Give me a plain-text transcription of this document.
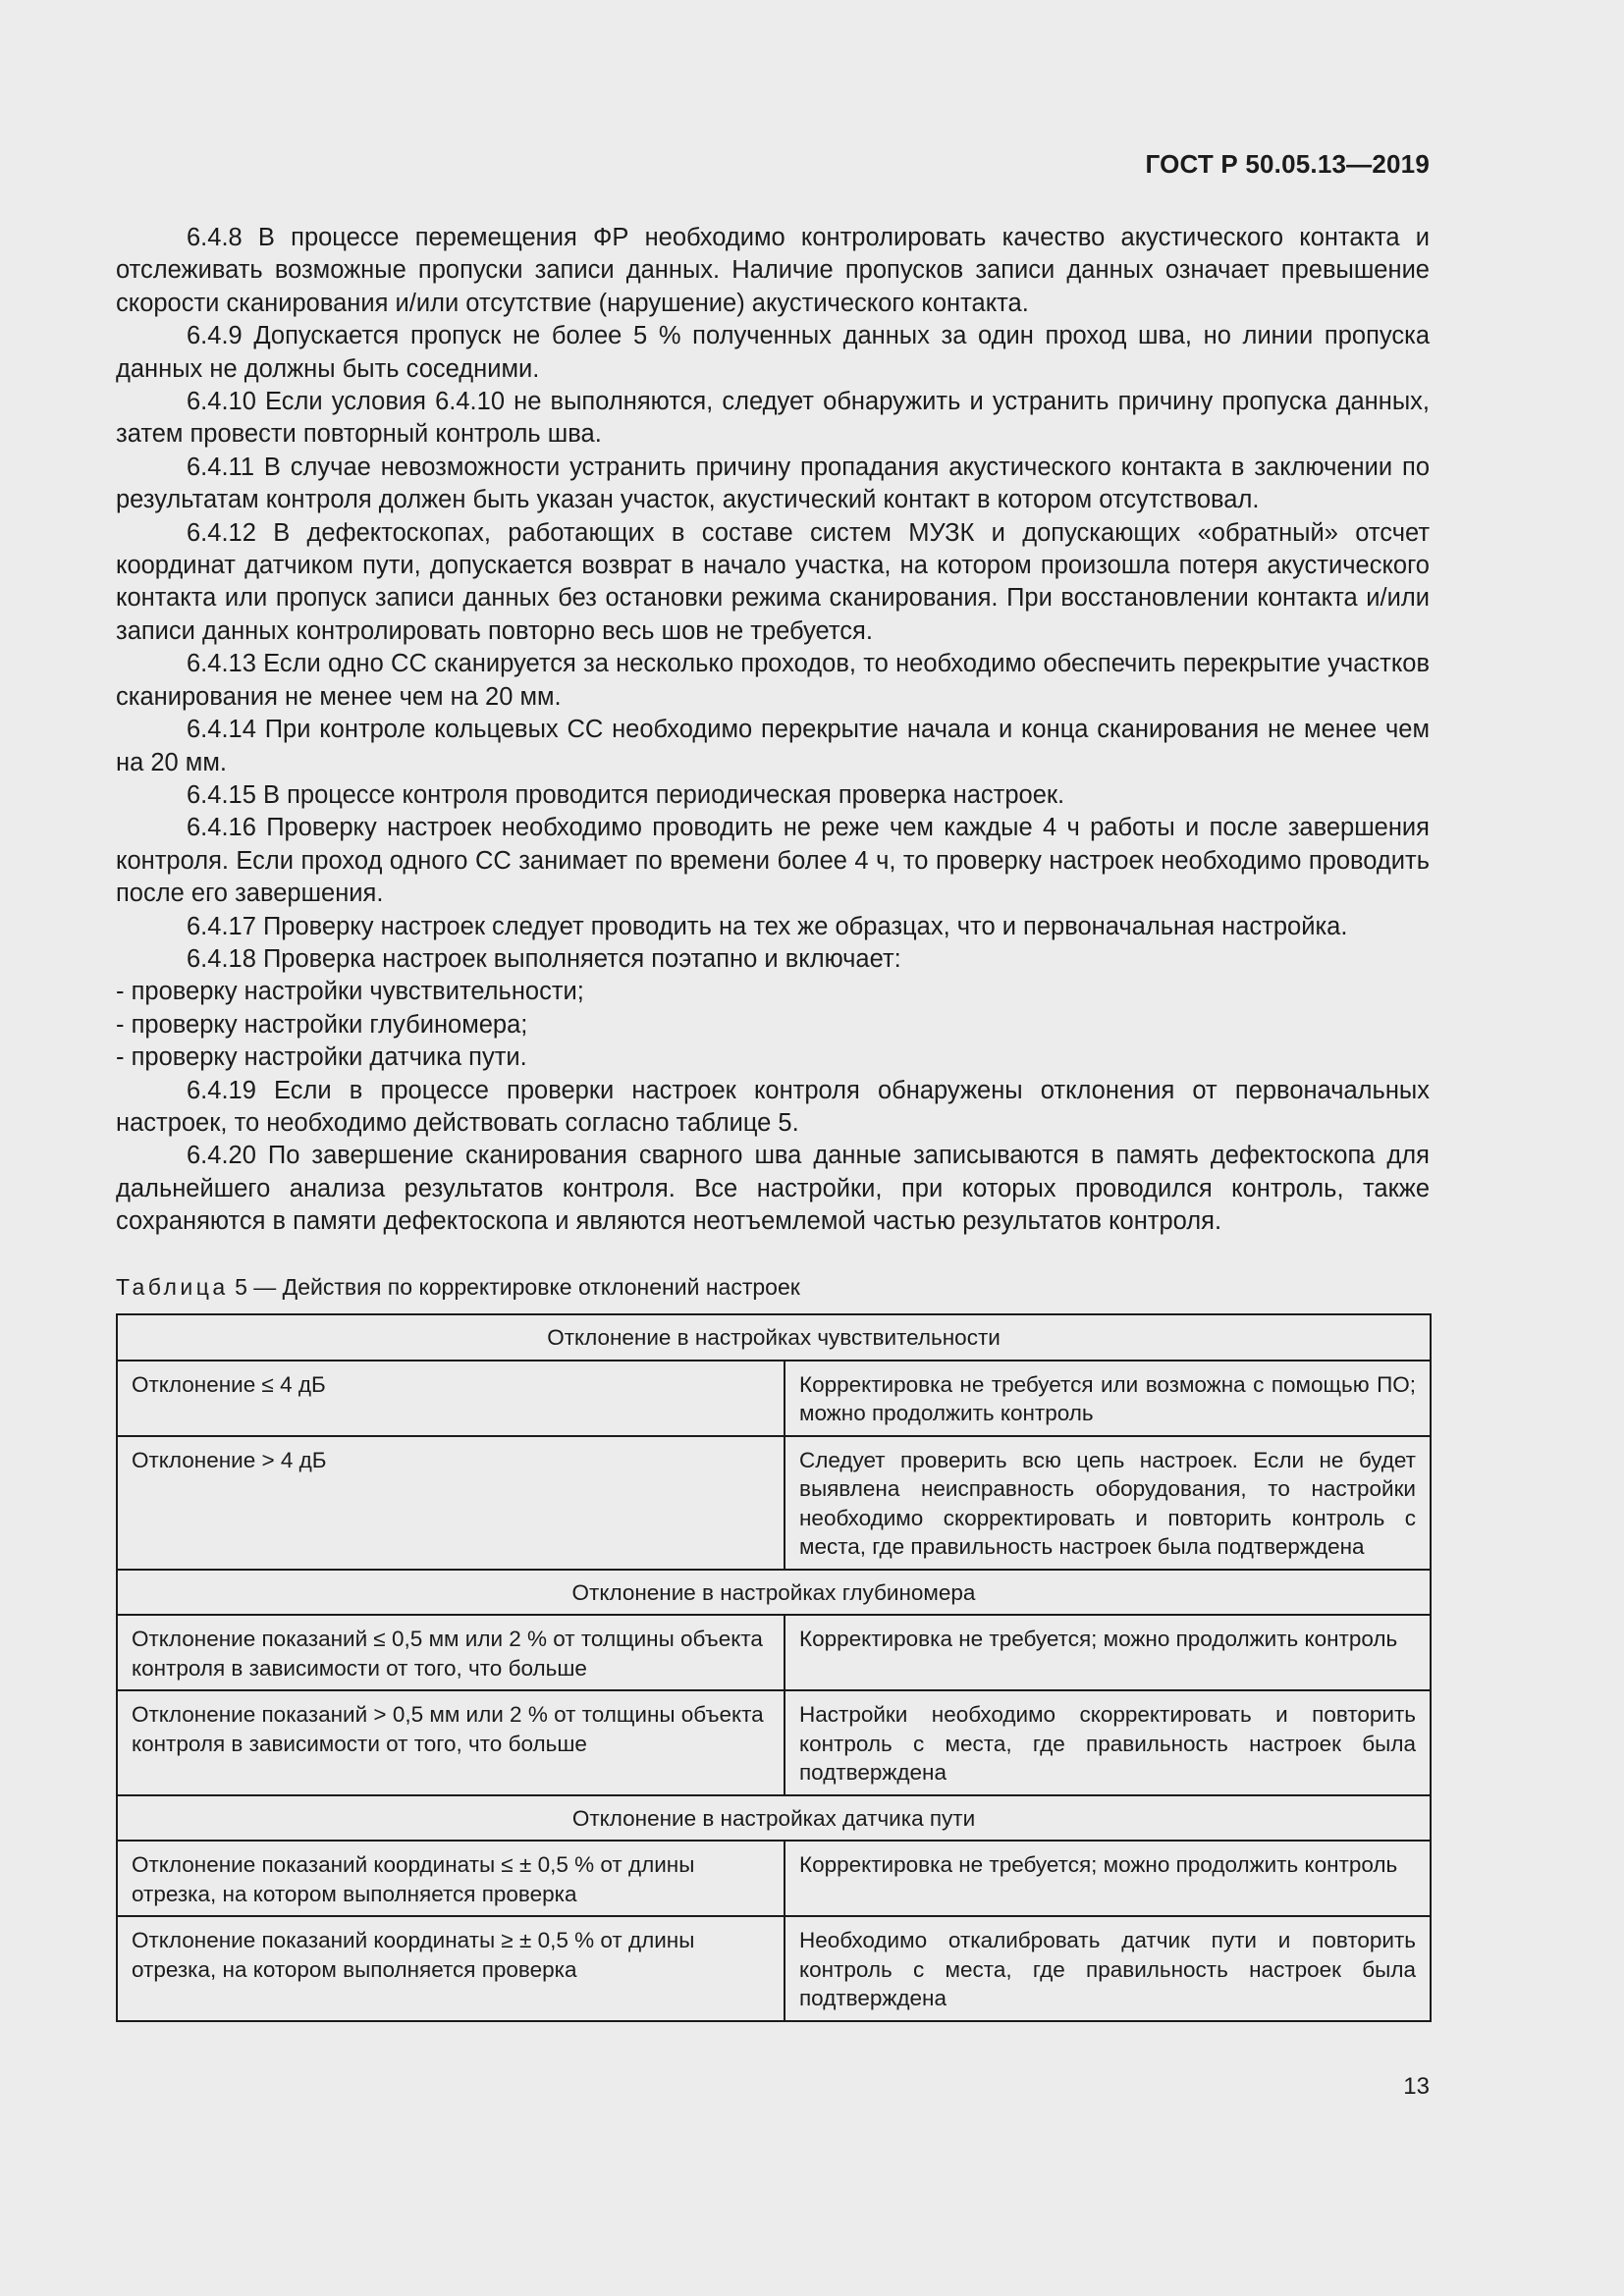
ГОСТ Р 50.05.13—2019

6.4.8 В процессе перемещения ФР необходимо контролировать качество акустического контакта и отслеживать возможные пропуски записи данных. Наличие пропусков записи данных означает превышение скорости сканирования и/или отсутствие (нарушение) акустического контакта.

6.4.9 Допускается пропуск не более 5 % полученных данных за один проход шва, но линии пропуска данных не должны быть соседними.

6.4.10 Если условия 6.4.10 не выполняются, следует обнаружить и устранить причину пропуска данных, затем провести повторный контроль шва.

6.4.11 В случае невозможности устранить причину пропадания акустического контакта в заключении по результатам контроля должен быть указан участок, акустический контакт в котором отсутствовал.

6.4.12 В дефектоскопах, работающих в составе систем МУЗК и допускающих «обратный» отсчет координат датчиком пути, допускается возврат в начало участка, на котором произошла потеря акустического контакта или пропуск записи данных без остановки режима сканирования. При восстановлении контакта и/или записи данных контролировать повторно весь шов не требуется.

6.4.13 Если одно СС сканируется за несколько проходов, то необходимо обеспечить перекрытие участков сканирования не менее чем на 20 мм.

6.4.14 При контроле кольцевых СС необходимо перекрытие начала и конца сканирования не менее чем на 20 мм.

6.4.15 В процессе контроля проводится периодическая проверка настроек.

6.4.16 Проверку настроек необходимо проводить не реже чем каждые 4 ч работы и после завершения контроля. Если проход одного СС занимает по времени более 4 ч, то проверку настроек необходимо проводить после его завершения.

6.4.17 Проверку настроек следует проводить на тех же образцах, что и первоначальная настройка.

6.4.18 Проверка настроек выполняется поэтапно и включает:

- проверку настройки чувствительности;

- проверку настройки глубиномера;

- проверку настройки датчика пути.

6.4.19 Если в процессе проверки настроек контроля обнаружены отклонения от первоначальных настроек, то необходимо действовать согласно таблице 5.

6.4.20 По завершение сканирования сварного шва данные записываются в память дефектоскопа для дальнейшего анализа результатов контроля. Все настройки, при которых проводился контроль, также сохраняются в памяти дефектоскопа и являются неотъемлемой частью результатов контроля.

Таблица 5 — Действия по корректировке отклонений настроек
Отклонение в настройках чувствительности	
Отклонение ≤ 4 дБ	Корректировка не требуется или возможна с помощью ПО; можно продолжить контроль
Отклонение > 4 дБ	Следует проверить всю цепь настроек. Если не будет выявлена неисправность оборудования, то настройки необходимо скорректировать и повторить контроль с места, где правильность настроек была подтверждена
Отклонение в настройках глубиномера	
Отклонение показаний ≤ 0,5 мм или 2 % от толщины объекта контроля в зависимости от того, что больше	Корректировка не требуется; можно продолжить контроль
Отклонение показаний > 0,5 мм или 2 % от толщины объекта контроля в зависимости от того, что больше	Настройки необходимо скорректировать и повторить контроль с места, где правильность настроек была подтверждена
Отклонение в настройках датчика пути	
Отклонение показаний координаты ≤ ± 0,5 % от длины отрезка, на котором выполняется проверка	Корректировка не требуется; можно продолжить контроль
Отклонение показаний координаты ≥ ± 0,5 % от длины отрезка, на котором выполняется проверка	Необходимо откалибровать датчик пути и повторить контроль с места, где правильность настроек была подтверждена
13
